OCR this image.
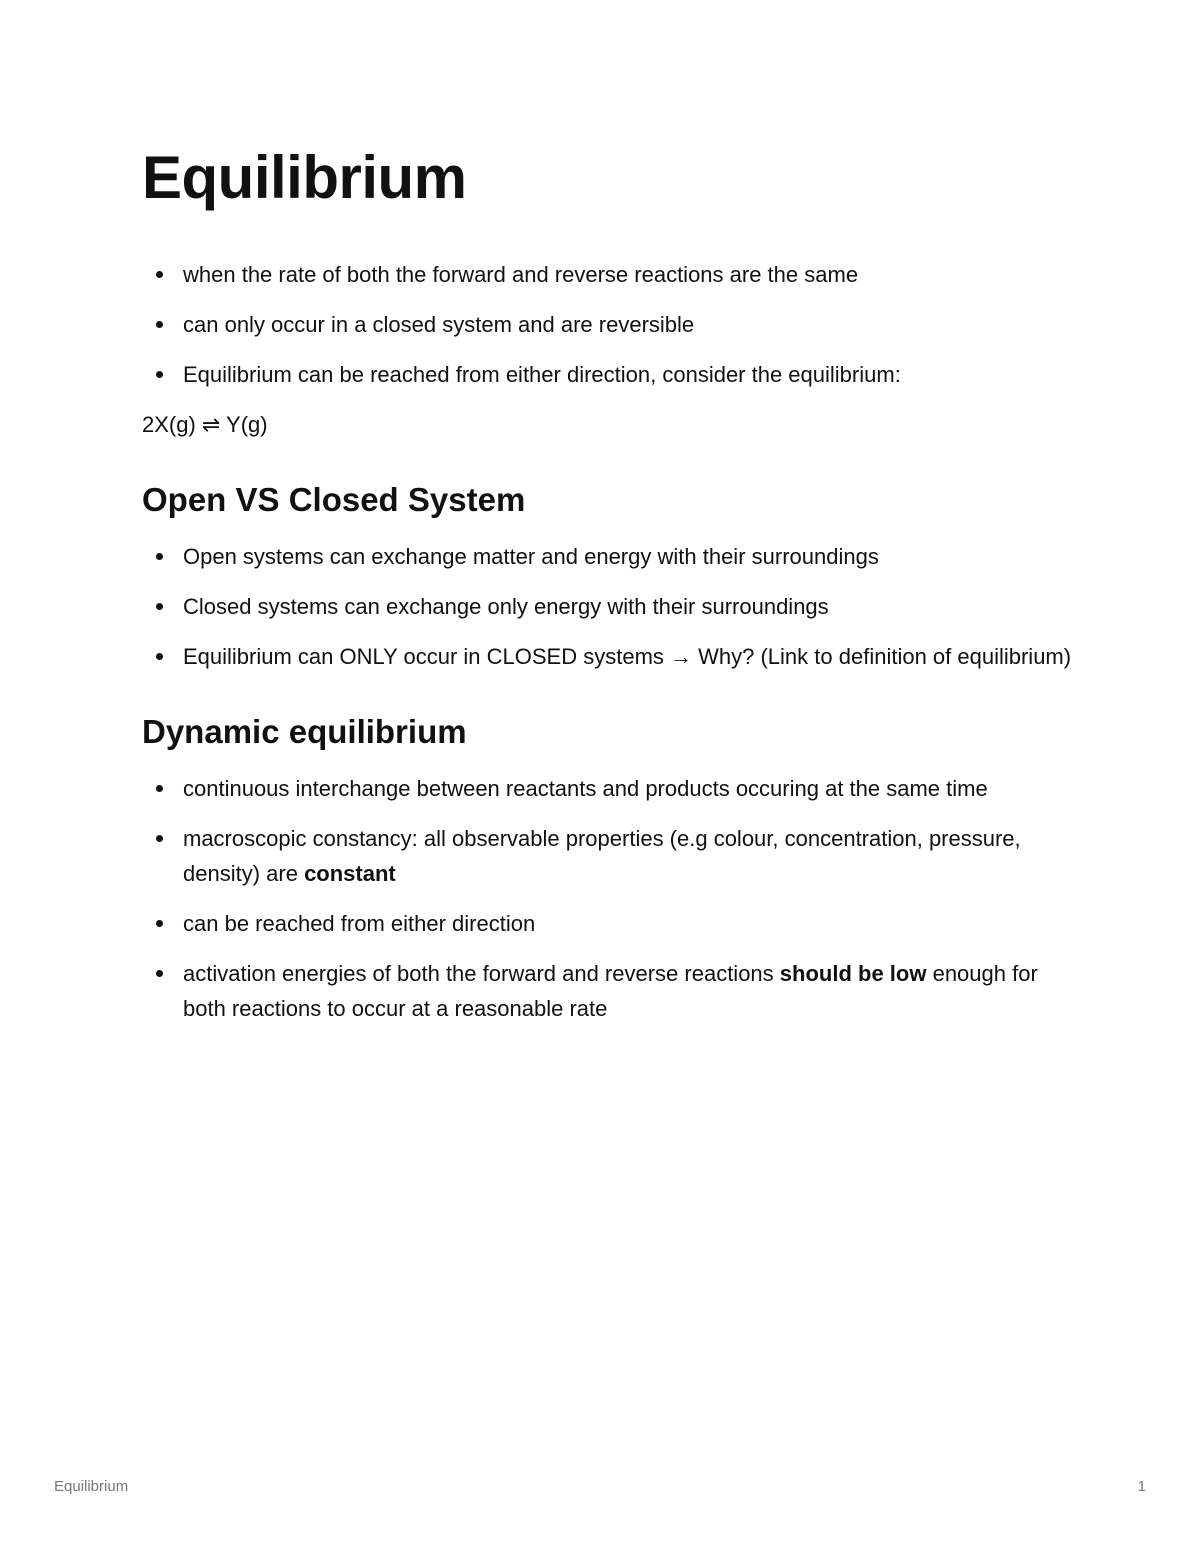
Equilibrium
when the rate of both the forward and reverse reactions are the same
can only occur in a closed system and are reversible
Equilibrium can be reached from either direction, consider the equilibrium:

2X(g) ⇌ Y(g)

Open VS Closed System
Open systems can exchange matter and energy with their surroundings
Closed systems can exchange only energy with their surroundings
Equilibrium can ONLY occur in CLOSED systems → Why? (Link to definition of equilibrium)
Dynamic equilibrium
continuous interchange between reactants and products occuring at the same time
macroscopic constancy: all observable properties (e.g colour, concentration, pressure, density) are constant
can be reached from either direction
activation energies of both the forward and reverse reactions should be low enough for both reactions to occur at a reasonable rate
Equilibrium	1
